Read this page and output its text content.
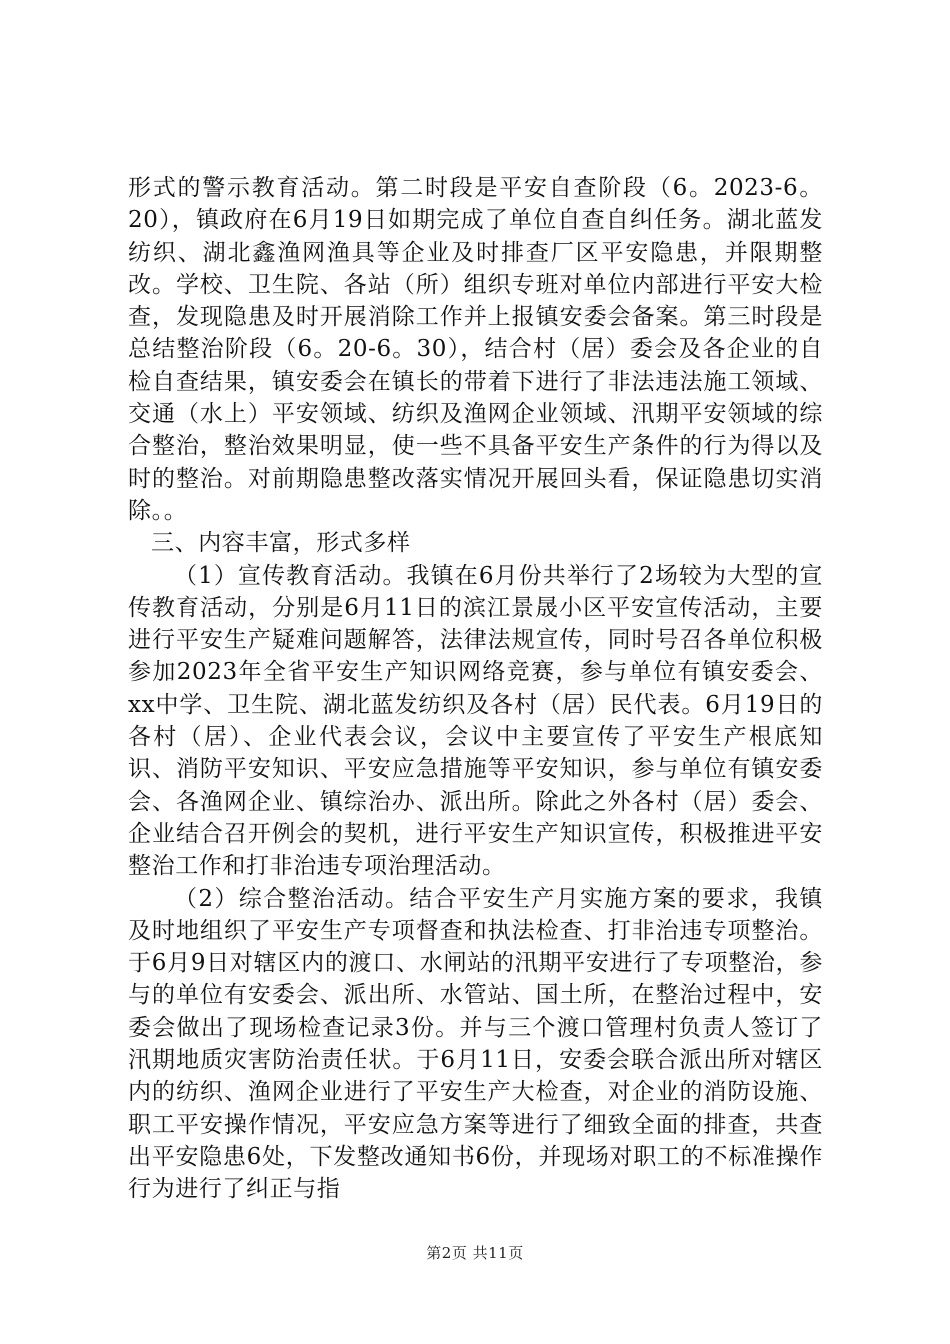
形式的警示教育活动。第二时段是平安自查阶段（6。2023-6。20），镇政府在6月19日如期完成了单位自查自纠任务。湖北蓝发纺织、湖北鑫渔网渔具等企业及时排查厂区平安隐患，并限期整改。学校、卫生院、各站（所）组织专班对单位内部进行平安大检查，发现隐患及时开展消除工作并上报镇安委会备案。第三时段是总结整治阶段（6。20-6。30），结合村（居）委会及各企业的自检自查结果，镇安委会在镇长的带着下进行了非法违法施工领域、交通（水上）平安领域、纺织及渔网企业领域、汛期平安领域的综合整治，整治效果明显，使一些不具备平安生产条件的行为得以及时的整治。对前期隐患整改落实情况开展回头看，保证隐患切实消除。。

三、内容丰富，形式多样

（1）宣传教育活动。我镇在6月份共举行了2场较为大型的宣传教育活动，分别是6月11日的滨江景晟小区平安宣传活动，主要进行平安生产疑难问题解答，法律法规宣传，同时号召各单位积极参加2023年全省平安生产知识网络竞赛，参与单位有镇安委会、xx中学、卫生院、湖北蓝发纺织及各村（居）民代表。6月19日的各村（居）、企业代表会议，会议中主要宣传了平安生产根底知识、消防平安知识、平安应急措施等平安知识，参与单位有镇安委会、各渔网企业、镇综治办、派出所。除此之外各村（居）委会、企业结合召开例会的契机，进行平安生产知识宣传，积极推进平安整治工作和打非治违专项治理活动。

（2）综合整治活动。结合平安生产月实施方案的要求，我镇及时地组织了平安生产专项督查和执法检查、打非治违专项整治。于6月9日对辖区内的渡口、水闸站的汛期平安进行了专项整治，参与的单位有安委会、派出所、水管站、国土所，在整治过程中，安委会做出了现场检查记录3份。并与三个渡口管理村负责人签订了汛期地质灾害防治责任状。于6月11日，安委会联合派出所对辖区内的纺织、渔网企业进行了平安生产大检查，对企业的消防设施、职工平安操作情况，平安应急方案等进行了细致全面的排查，共查出平安隐患6处，下发整改通知书6份，并现场对职工的不标准操作行为进行了纠正与指

第2页 共11页
